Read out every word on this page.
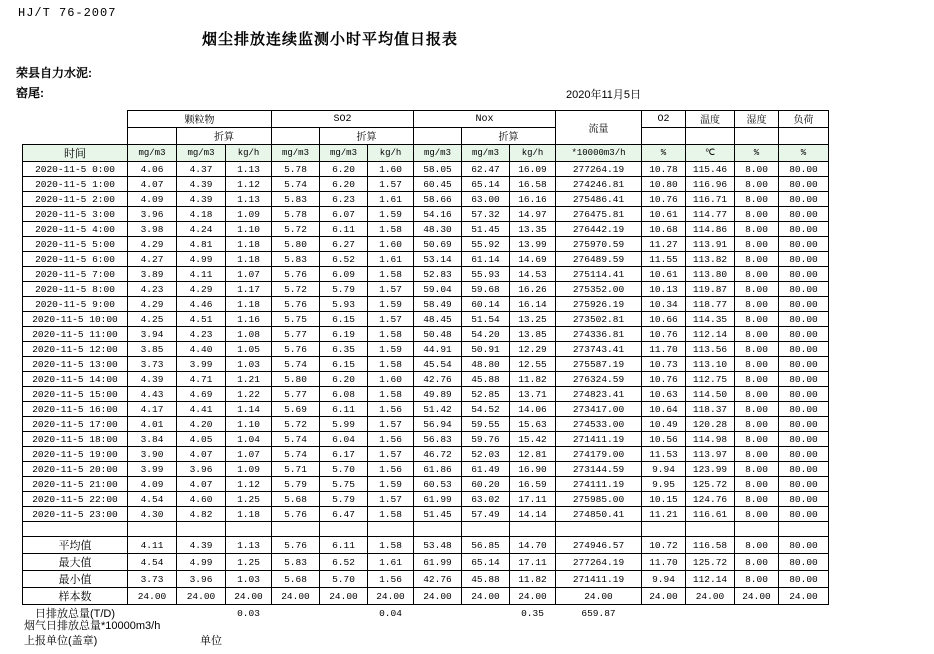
HJ/T 76-2007
烟尘排放连续监测小时平均值日报表
荣县自力水泥:
窑尾:	2020年11月5日
	颗粒物			SO2			Nox			流量	O2	温度	湿度	负荷
		折算			折算			折算						
时间	mg/m3	mg/m3	kg/h	mg/m3	mg/m3	kg/h	mg/m3	mg/m3	kg/h	*10000m3/h	%	℃	%	%
2020-11-5 0:00	4.06	4.37	1.13	5.78	6.20	1.60	58.05	62.47	16.09	277264.19	10.78	115.46	8.00	80.00
2020-11-5 1:00	4.07	4.39	1.12	5.74	6.20	1.57	60.45	65.14	16.58	274246.81	10.80	116.96	8.00	80.00
2020-11-5 2:00	4.09	4.39	1.13	5.83	6.23	1.61	58.66	63.00	16.16	275486.41	10.76	116.71	8.00	80.00
2020-11-5 3:00	3.96	4.18	1.09	5.78	6.07	1.59	54.16	57.32	14.97	276475.81	10.61	114.77	8.00	80.00
2020-11-5 4:00	3.98	4.24	1.10	5.72	6.11	1.58	48.30	51.45	13.35	276442.19	10.68	114.86	8.00	80.00
2020-11-5 5:00	4.29	4.81	1.18	5.80	6.27	1.60	50.69	55.92	13.99	275970.59	11.27	113.91	8.00	80.00
2020-11-5 6:00	4.27	4.99	1.18	5.83	6.52	1.61	53.14	61.14	14.69	276489.59	11.55	113.82	8.00	80.00
2020-11-5 7:00	3.89	4.11	1.07	5.76	6.09	1.58	52.83	55.93	14.53	275114.41	10.61	113.80	8.00	80.00
2020-11-5 8:00	4.23	4.29	1.17	5.72	5.79	1.57	59.04	59.68	16.26	275352.00	10.13	119.87	8.00	80.00
2020-11-5 9:00	4.29	4.46	1.18	5.76	5.93	1.59	58.49	60.14	16.14	275926.19	10.34	118.77	8.00	80.00
2020-11-5 10:00	4.25	4.51	1.16	5.75	6.15	1.57	48.45	51.54	13.25	273502.81	10.66	114.35	8.00	80.00
2020-11-5 11:00	3.94	4.23	1.08	5.77	6.19	1.58	50.48	54.20	13.85	274336.81	10.76	112.14	8.00	80.00
2020-11-5 12:00	3.85	4.40	1.05	5.76	6.35	1.59	44.91	50.91	12.29	273743.41	11.70	113.56	8.00	80.00
2020-11-5 13:00	3.73	3.99	1.03	5.74	6.15	1.58	45.54	48.80	12.55	275587.19	10.73	113.10	8.00	80.00
2020-11-5 14:00	4.39	4.71	1.21	5.80	6.20	1.60	42.76	45.88	11.82	276324.59	10.76	112.75	8.00	80.00
2020-11-5 15:00	4.43	4.69	1.22	5.77	6.08	1.58	49.89	52.85	13.71	274823.41	10.63	114.50	8.00	80.00
2020-11-5 16:00	4.17	4.41	1.14	5.69	6.11	1.56	51.42	54.52	14.06	273417.00	10.64	118.37	8.00	80.00
2020-11-5 17:00	4.01	4.20	1.10	5.72	5.99	1.57	56.94	59.55	15.63	274533.00	10.49	120.28	8.00	80.00
2020-11-5 18:00	3.84	4.05	1.04	5.74	6.04	1.56	56.83	59.76	15.42	271411.19	10.56	114.98	8.00	80.00
2020-11-5 19:00	3.90	4.07	1.07	5.74	6.17	1.57	46.72	52.03	12.81	274179.00	11.53	113.97	8.00	80.00
2020-11-5 20:00	3.99	3.96	1.09	5.71	5.70	1.56	61.86	61.49	16.90	273144.59	9.94	123.99	8.00	80.00
2020-11-5 21:00	4.09	4.07	1.12	5.79	5.75	1.59	60.53	60.20	16.59	274111.19	9.95	125.72	8.00	80.00
2020-11-5 22:00	4.54	4.60	1.25	5.68	5.79	1.57	61.99	63.02	17.11	275985.00	10.15	124.76	8.00	80.00
2020-11-5 23:00	4.30	4.82	1.18	5.76	6.47	1.58	51.45	57.49	14.14	274850.41	11.21	116.61	8.00	80.00

平均值	4.11	4.39	1.13	5.76	6.11	1.58	53.48	56.85	14.70	274946.57	10.72	116.58	8.00	80.00
最大值	4.54	4.99	1.25	5.83	6.52	1.61	61.99	65.14	17.11	277264.19	11.70	125.72	8.00	80.00
最小值	3.73	3.96	1.03	5.68	5.70	1.56	42.76	45.88	11.82	271411.19	9.94	112.14	8.00	80.00
样本数	24.00	24.00	24.00	24.00	24.00	24.00	24.00	24.00	24.00	24.00	24.00	24.00	24.00	24.00
日排放总量(T/D)			0.03			0.04			0.35	659.87				
烟气日排放总量*10000m3/h
上报单位(盖章)	单位
